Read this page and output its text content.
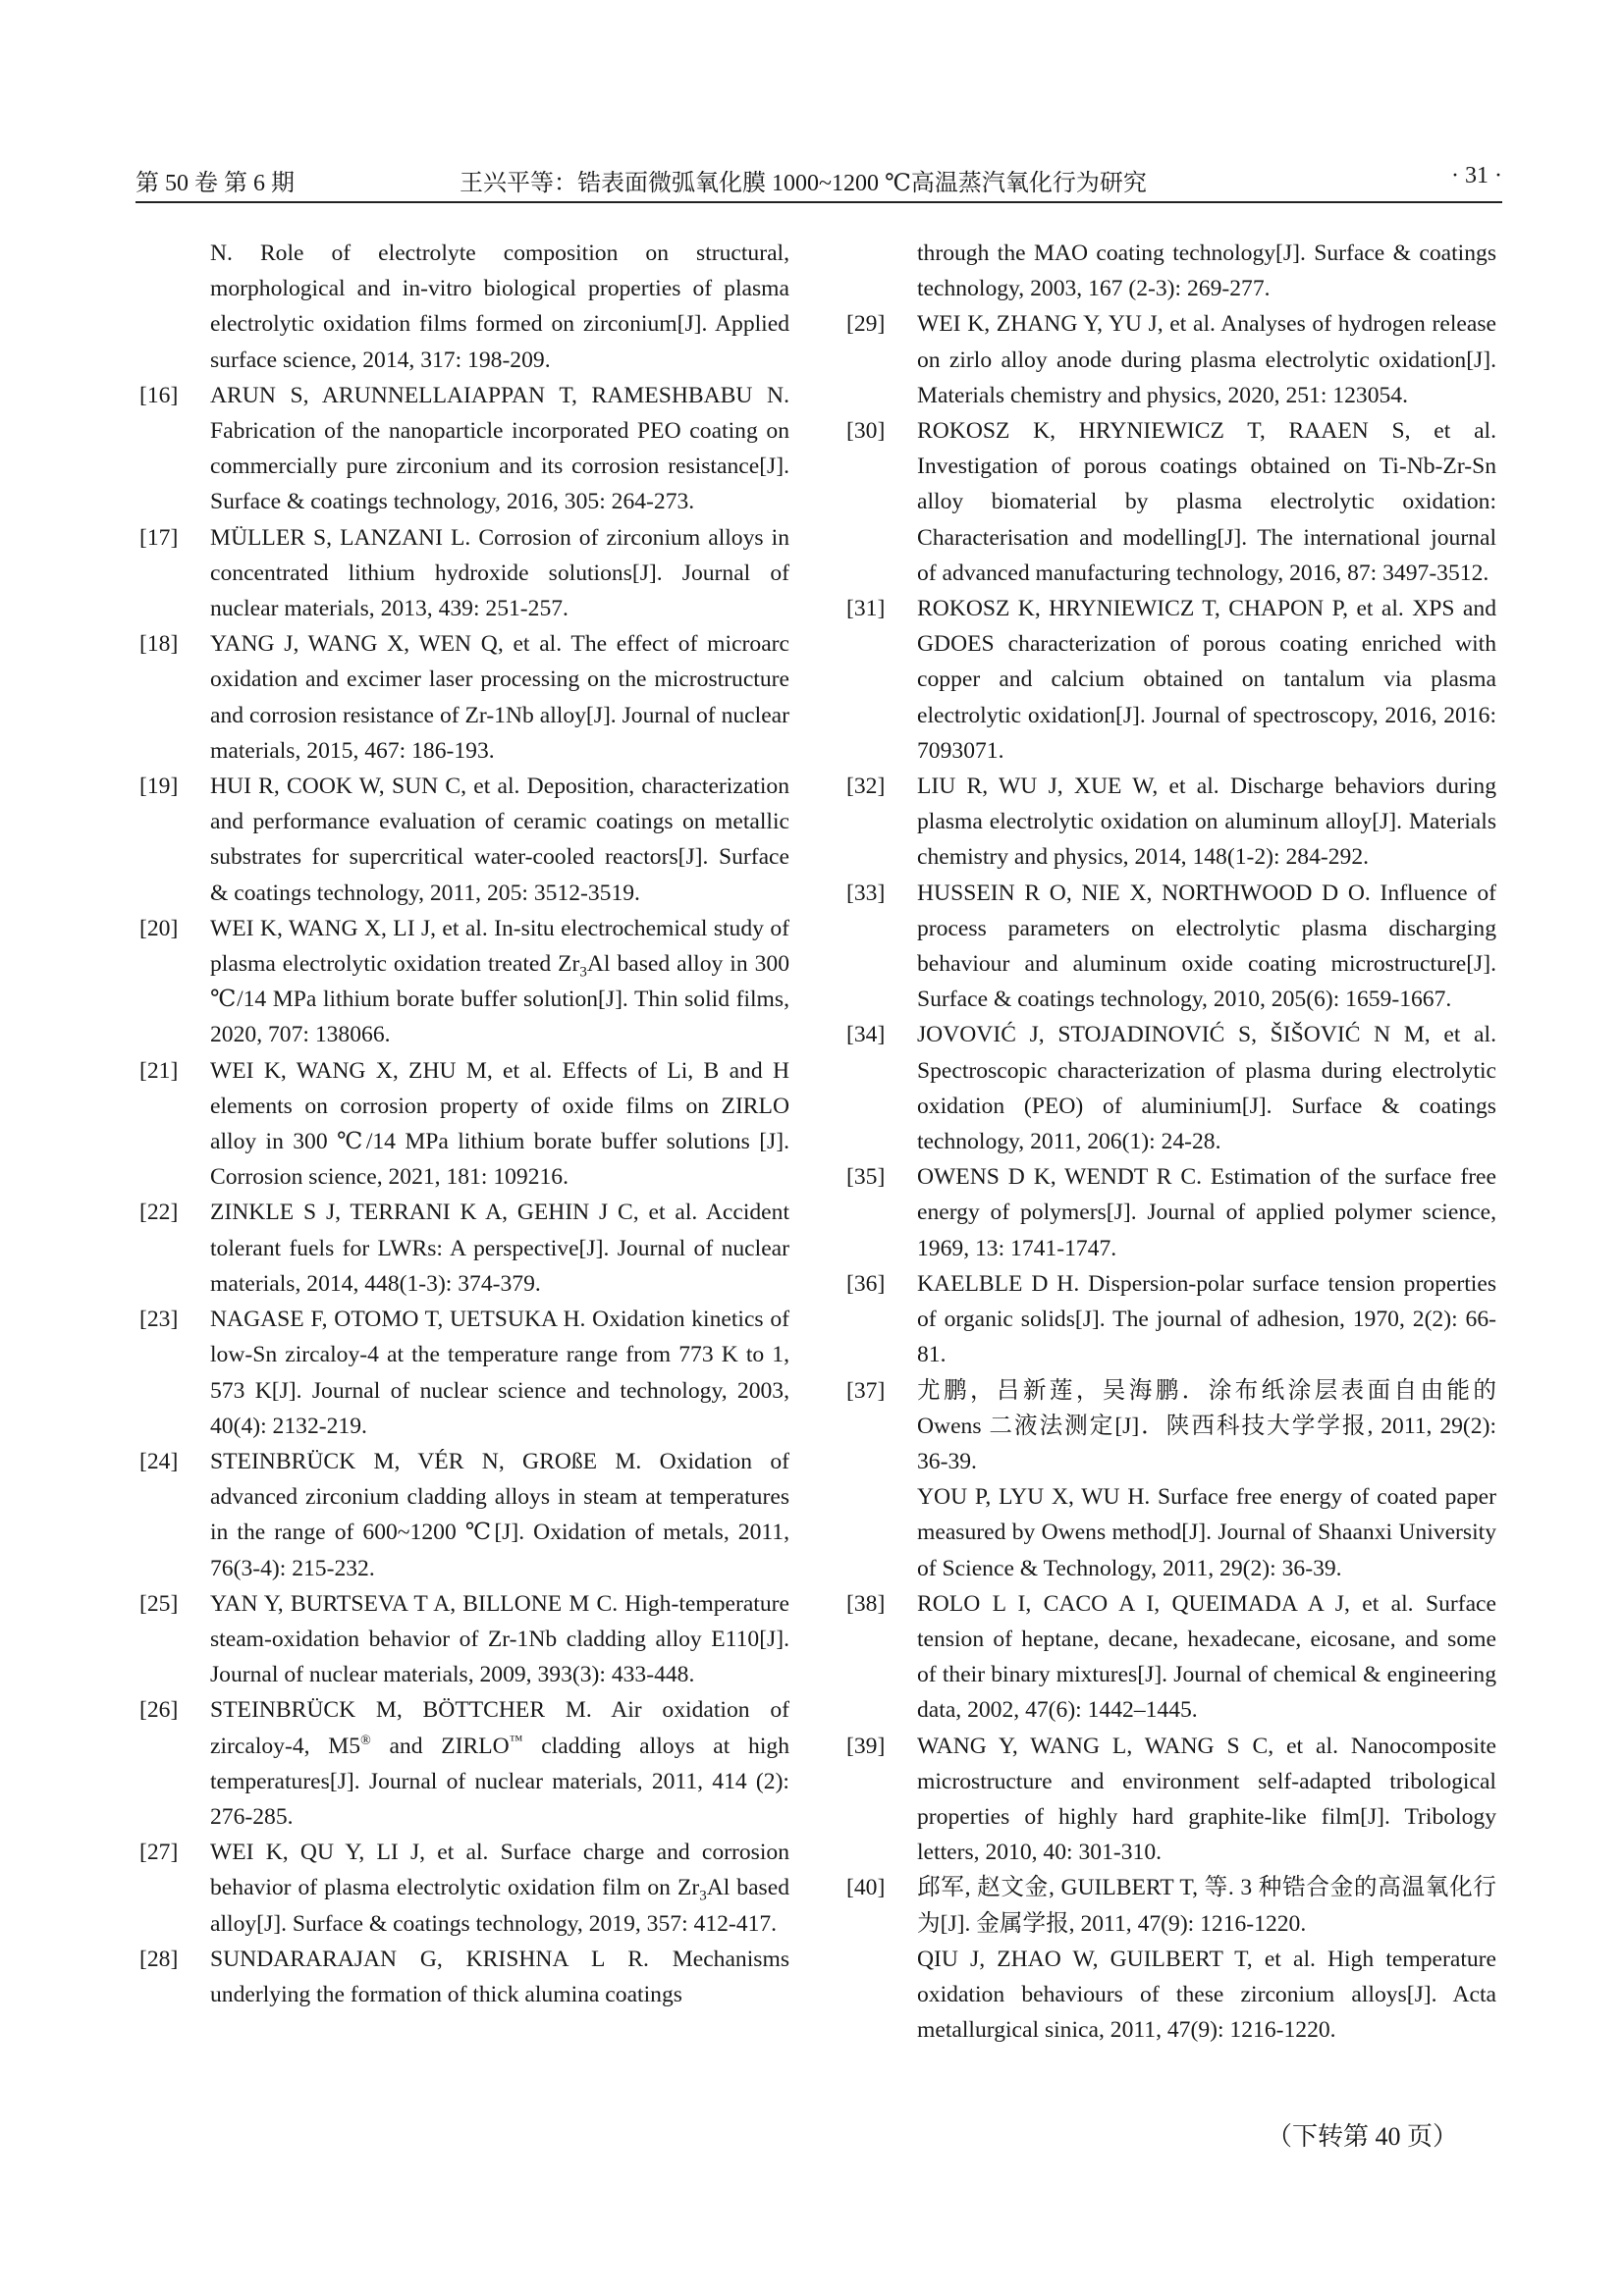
第 50 卷 第 6 期	王兴平等：锆表面微弧氧化膜 1000~1200 ℃高温蒸汽氧化行为研究	· 31 ·
N. Role of electrolyte composition on structural, morphological and in-vitro biological properties of plasma electrolytic oxidation films formed on zirconium[J]. Applied surface science, 2014, 317: 198-209.
[16] ARUN S, ARUNNELLAIAPPAN T, RAMESHBABU N. Fabrication of the nanoparticle incorporated PEO coating on commercially pure zirconium and its corrosion resistance[J]. Surface & coatings technology, 2016, 305: 264-273.
[17] MÜLLER S, LANZANI L. Corrosion of zirconium alloys in concentrated lithium hydroxide solutions[J]. Journal of nuclear materials, 2013, 439: 251-257.
[18] YANG J, WANG X, WEN Q, et al. The effect of microarc oxidation and excimer laser processing on the microstructure and corrosion resistance of Zr-1Nb alloy[J]. Journal of nuclear materials, 2015, 467: 186-193.
[19] HUI R, COOK W, SUN C, et al. Deposition, characterization and performance evaluation of ceramic coatings on metallic substrates for supercritical water-cooled reactors[J]. Surface & coatings technology, 2011, 205: 3512-3519.
[20] WEI K, WANG X, LI J, et al. In-situ electrochemical study of plasma electrolytic oxidation treated $Zr_3Al$ based alloy in 300 ℃/14 MPa lithium borate buffer solution[J]. Thin solid films, 2020, 707: 138066.
[21] WEI K, WANG X, ZHU M, et al. Effects of Li, B and H elements on corrosion property of oxide films on ZIRLO alloy in 300 ℃/14 MPa lithium borate buffer solutions [J]. Corrosion science, 2021, 181: 109216.
[22] ZINKLE S J, TERRANI K A, GEHIN J C, et al. Accident tolerant fuels for LWRs: A perspective[J]. Journal of nuclear materials, 2014, 448(1-3): 374-379.
[23] NAGASE F, OTOMO T, UETSUKA H. Oxidation kinetics of low-Sn zircaloy-4 at the temperature range from 773 K to 1, 573 K[J]. Journal of nuclear science and technology, 2003, 40(4): 2132-219.
[24] STEINBRÜCK M, VÉR N, GROßE M. Oxidation of advanced zirconium cladding alloys in steam at temperatures in the range of 600~1200 ℃[J]. Oxidation of metals, 2011, 76(3-4): 215-232.
[25] YAN Y, BURTSEVA T A, BILLONE M C. High-temperature steam-oxidation behavior of Zr-1Nb cladding alloy E110[J]. Journal of nuclear materials, 2009, 393(3): 433-448.
[26] STEINBRÜCK M, BÖTTCHER M. Air oxidation of zircaloy-4, M5® and ZIRLO™ cladding alloys at high temperatures[J]. Journal of nuclear materials, 2011, 414 (2): 276-285.
[27] WEI K, QU Y, LI J, et al. Surface charge and corrosion behavior of plasma electrolytic oxidation film on $Zr_3Al$ based alloy[J]. Surface & coatings technology, 2019, 357: 412-417.
[28] SUNDARARAJAN G, KRISHNA L R. Mechanisms underlying the formation of thick alumina coatings
through the MAO coating technology[J]. Surface & coatings technology, 2003, 167 (2-3): 269-277.
[29] WEI K, ZHANG Y, YU J, et al. Analyses of hydrogen release on zirlo alloy anode during plasma electrolytic oxidation[J]. Materials chemistry and physics, 2020, 251: 123054.
[30] ROKOSZ K, HRYNIEWICZ T, RAAEN S, et al. Investigation of porous coatings obtained on Ti-Nb-Zr-Sn alloy biomaterial by plasma electrolytic oxidation: Characterisation and modelling[J]. The international journal of advanced manufacturing technology, 2016, 87: 3497-3512.
[31] ROKOSZ K, HRYNIEWICZ T, CHAPON P, et al. XPS and GDOES characterization of porous coating enriched with copper and calcium obtained on tantalum via plasma electrolytic oxidation[J]. Journal of spectroscopy, 2016, 2016: 7093071.
[32] LIU R, WU J, XUE W, et al. Discharge behaviors during plasma electrolytic oxidation on aluminum alloy[J]. Materials chemistry and physics, 2014, 148(1-2): 284-292.
[33] HUSSEIN R O, NIE X, NORTHWOOD D O. Influence of process parameters on electrolytic plasma discharging behaviour and aluminum oxide coating microstructure[J]. Surface & coatings technology, 2010, 205(6): 1659-1667.
[34] JOVOVIĆ J, STOJADINOVIĆ S, ŠIŠOVIĆ N M, et al. Spectroscopic characterization of plasma during electrolytic oxidation (PEO) of aluminium[J]. Surface & coatings technology, 2011, 206(1): 24-28.
[35] OWENS D K, WENDT R C. Estimation of the surface free energy of polymers[J]. Journal of applied polymer science, 1969, 13: 1741-1747.
[36] KAELBLE D H. Dispersion-polar surface tension properties of organic solids[J]. The journal of adhesion, 1970, 2(2): 66-81.
[37] 尤鹏，吕新莲，吴海鹏．涂布纸涂层表面自由能的 Owens 二液法测定[J]．陕西科技大学学报, 2011, 29(2): 36-39.
YOU P, LYU X, WU H. Surface free energy of coated paper measured by Owens method[J]. Journal of Shaanxi University of Science & Technology, 2011, 29(2): 36-39.
[38] ROLO L I, CACO A I, QUEIMADA A J, et al. Surface tension of heptane, decane, hexadecane, eicosane, and some of their binary mixtures[J]. Journal of chemical & engineering data, 2002, 47(6): 1442–1445.
[39] WANG Y, WANG L, WANG S C, et al. Nanocomposite microstructure and environment self-adapted tribological properties of highly hard graphite-like film[J]. Tribology letters, 2010, 40: 301-310.
[40] 邱军, 赵文金, GUILBERT T, 等. 3 种锆合金的高温氧化行为[J]. 金属学报, 2011, 47(9): 1216-1220.
QIU J, ZHAO W, GUILBERT T, et al. High temperature oxidation behaviours of these zirconium alloys[J]. Acta metallurgical sinica, 2011, 47(9): 1216-1220.
（下转第 40 页）
